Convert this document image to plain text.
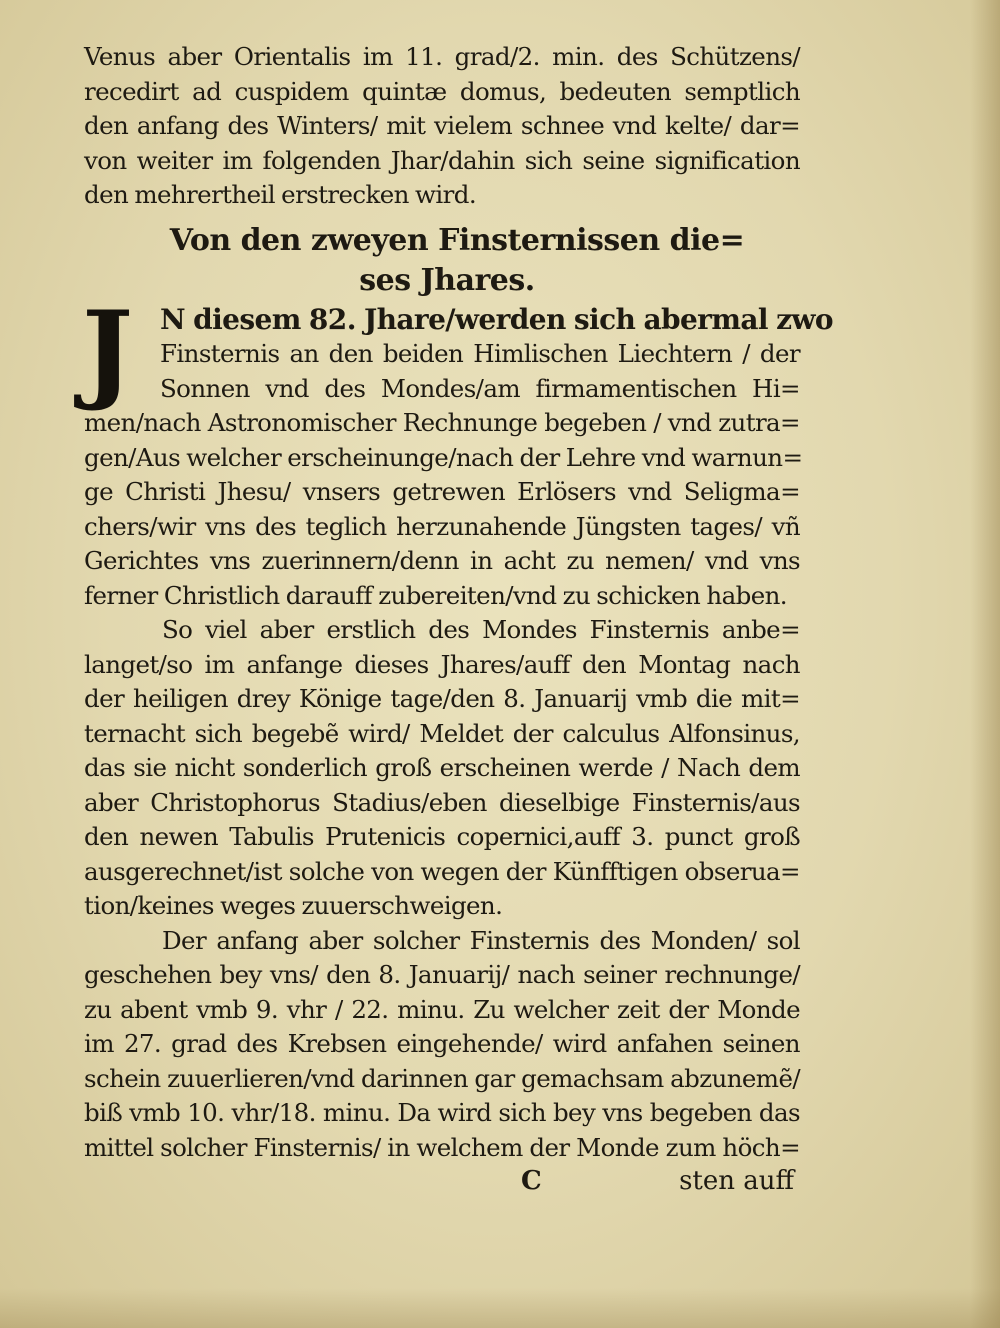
Venus aber Orientalis im 11. grad/2. min. des Schützens/
recedirt ad cuspidem quintæ domus, bedeuten semptlich
den anfang des Winters/ mit vielem schnee vnd kelte/ dar=
von weiter im folgenden Jhar/dahin sich seine signification
den mehrertheil erstrecken wird.
Von den zweyen Finsternissen die=
ses Jhares.
J N diesem 82. Jhare/werden sich abermal zwo
Finsternis an den beiden Himlischen Liechtern / der
Sonnen vnd des Mondes/am firmamentischen Hi=
men/nach Astronomischer Rechnunge begeben / vnd zutra=
gen/Aus welcher erscheinunge/nach der Lehre vnd warnun=
ge Christi Jhesu/ vnsers getrewen Erlösers vnd Seligma=
chers/wir vns des teglich herzunahende Jüngsten tages/ vñ
Gerichtes vns zuerinnern/denn in acht zu nemen/ vnd vns
ferner Christlich darauff zubereiten/vnd zu schicken haben.
So viel aber erstlich des Mondes Finsternis anbe=
langet/so im anfange dieses Jhares/auff den Montag nach
der heiligen drey Könige tage/den 8. Januarij vmb die mit=
ternacht sich begebẽ wird/ Meldet der calculus Alfonsinus,
das sie nicht sonderlich groß erscheinen werde / Nach dem
aber Christophorus Stadius/eben dieselbige Finsternis/aus
den newen Tabulis Prutenicis copernici,auff 3. punct groß
ausgerechnet/ist solche von wegen der Künfftigen obserua=
tion/keines weges zuuerschweigen.
Der anfang aber solcher Finsternis des Monden/ sol
geschehen bey vns/ den 8. Januarij/ nach seiner rechnunge/
zu abent vmb 9. vhr / 22. minu. Zu welcher zeit der Monde
im 27. grad des Krebsen eingehende/ wird anfahen seinen
schein zuuerlieren/vnd darinnen gar gemachsam abzunemẽ/
biß vmb 10. vhr/18. minu. Da wird sich bey vns begeben das
mittel solcher Finsternis/ in welchem der Monde zum höch=
C	sten auff
